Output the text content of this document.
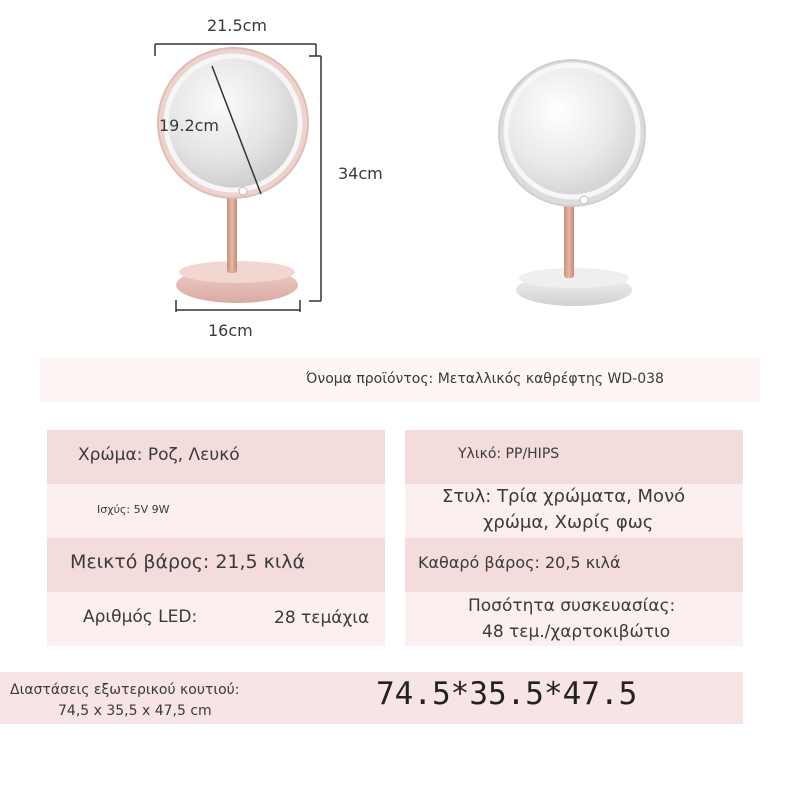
21.5cm
19.2cm
34cm
16cm
Όνομα προϊόντος: Μεταλλικός καθρέφτης WD-038
Χρώμα: Ροζ, Λευκό
Ισχύς: 5V 9W
Μεικτό βάρος: 21,5 κιλά
Αριθμός LED:	28 τεμάχια
Υλικό: PP/HIPS
Στυλ: Τρία χρώματα, Μονό
χρώμα, Χωρίς φως
Καθαρό βάρος: 20,5 κιλά
Ποσότητα συσκευασίας:
48 τεμ./χαρτοκιβώτιο
Διαστάσεις εξωτερικού κουτιού:
74,5 x 35,5 x 47,5 cm	74.5*35.5*47.5
